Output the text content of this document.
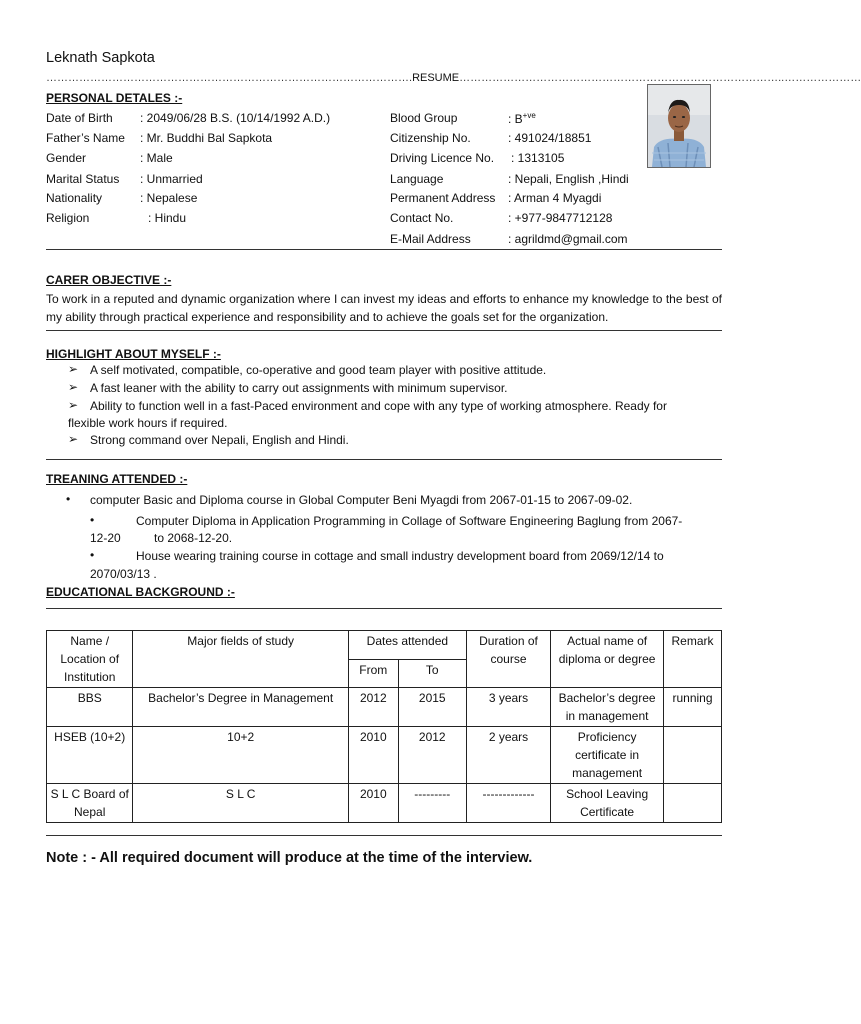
Leknath Sapkota
……………………………………………………………………………………….RESUME……………………………………………………………………………..…………………
PERSONAL DETALES :-
Date of Birth : 2049/06/28 B.S. (10/14/1992 A.D.)
Father’s Name : Mr. Buddhi Bal Sapkota
Gender	: Male
Marital Status : Unmarried
Nationality	: Nepalese
Religion	: Hindu
Blood Group	: $B^{+ve}$
Citizenship No.	: 491024/18851
Driving Licence No. : 1313105
Language	: Nepali, English ,Hindi
Permanent Address : Arman 4 Myagdi
Contact No.	: +977-9847712128
E-Mail Address	: agrildmd@gmail.com
CARER OBJECTIVE :-
To work in a reputed and dynamic organization where I can invest my ideas and efforts to enhance my knowledge to the best of my ability through practical experience and responsibility and to achieve the goals set for the organization.
HIGHLIGHT ABOUT MYSELF :-
➢ A self motivated, compatible, co-operative and good team player with positive attitude.
➢ A fast leaner with the ability to carry out assignments with minimum supervisor.
➢ Ability to function well in a fast-Paced environment and cope with any type of working atmosphere. Ready for
flexible work hours if required.
➢ Strong command over Nepali, English and Hindi.
TREANING ATTENDED :-
• computer Basic and Diploma course in Global Computer Beni Myagdi from 2067-01-15 to 2067-09-02.
•	Computer Diploma in Application Programming in Collage of Software Engineering Baglung from 2067-
12-20          to 2068-12-20.
•	House wearing training course in cottage and small industry development board from 2069/12/14 to
2070/03/13 .
EDUCATIONAL BACKGROUND :-
Name / Location of Institution	Major fields of study	Dates attended		Duration of course	Actual name of diploma or degree	Remark
		From	To			
BBS	Bachelor’s Degree in Management	2012	2015	3 years	Bachelor’s degree in management	running
HSEB (10+2)	10+2	2010	2012	2 years	Proficiency certificate in management	
S L C Board of Nepal	S L C	2010	---------	-------------	School Leaving Certificate	
Note : - All required document will produce at the time of the interview.
